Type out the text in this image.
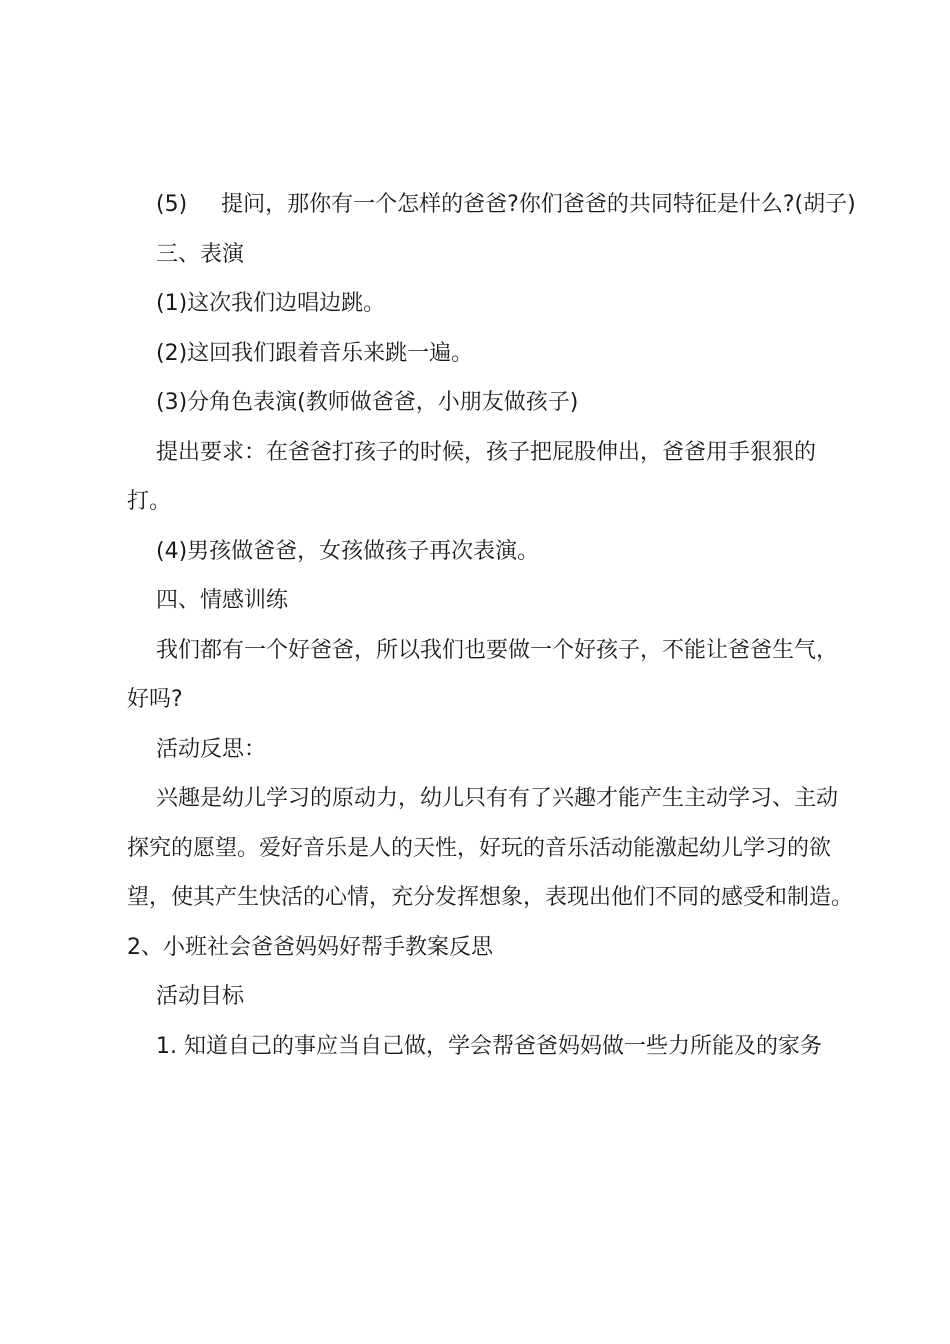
(5) 提问，那你有一个怎样的爸爸?你们爸爸的共同特征是什么?(胡子)

三、表演

(1)这次我们边唱边跳。

(2)这回我们跟着音乐来跳一遍。

(3)分角色表演(教师做爸爸，小朋友做孩子)

提出要求：在爸爸打孩子的时候，孩子把屁股伸出，爸爸用手狠狠的打。

(4)男孩做爸爸，女孩做孩子再次表演。

四、情感训练

我们都有一个好爸爸，所以我们也要做一个好孩子，不能让爸爸生气，好吗?

活动反思：

兴趣是幼儿学习的原动力，幼儿只有有了兴趣才能产生主动学习、主动探究的愿望。爱好音乐是人的天性，好玩的音乐活动能激起幼儿学习的欲望，使其产生快活的心情，充分发挥想象，表现出他们不同的感受和制造。

2、小班社会爸爸妈妈好帮手教案反思

活动目标

1. 知道自己的事应当自己做，学会帮爸爸妈妈做一些力所能及的家务
